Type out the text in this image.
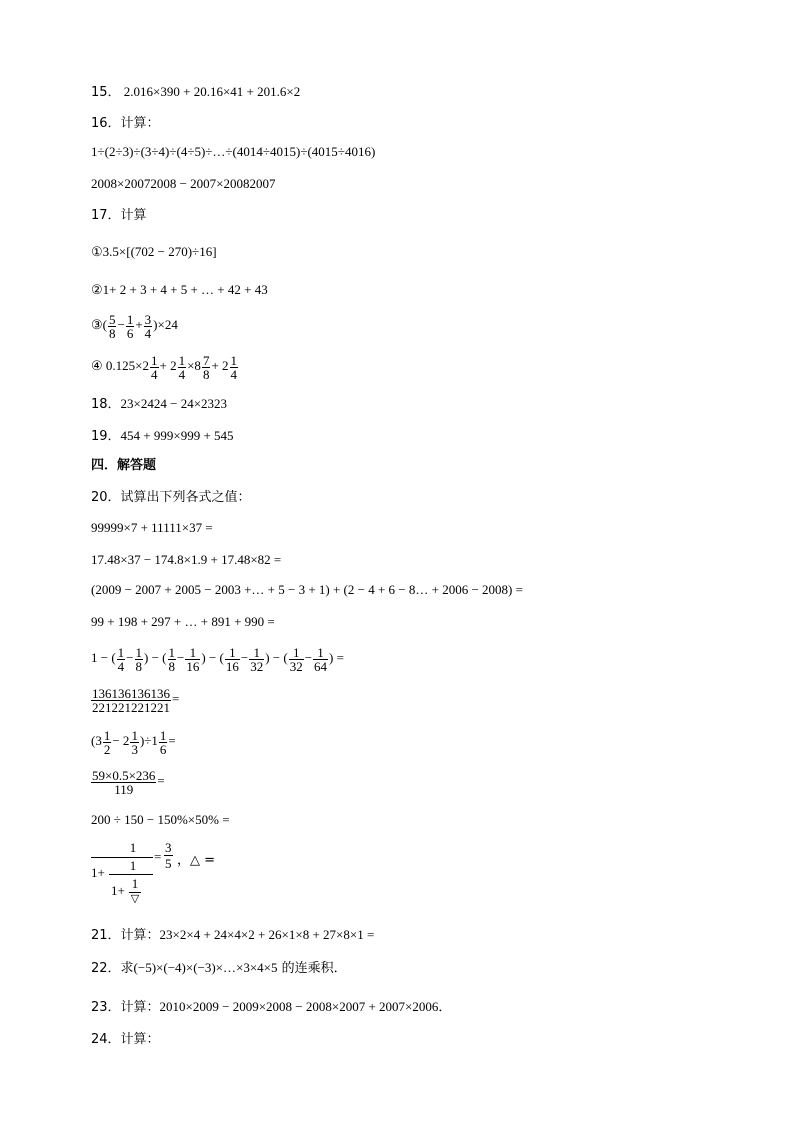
15． 2.016×390 + 20.16×41 + 201.6×2
16．计算：
1÷(2÷3)÷(3÷4)÷(4÷5)÷…÷(4014÷4015)÷(4015÷4016)
2008×20072008 − 2007×20082007
17．计算
①3.5×[(702 − 270)÷16]
②1+ 2 + 3 + 4 + 5 + … + 42 + 43
③( $\frac{5}{8} - \frac{1}{6} + \frac{3}{4} )\times 24$
④ $0.125\times 2 \frac{1}{4} + 2 \frac{1}{4} \times 8 \frac{7}{8} + 2 \frac{1}{4}$
18．23×2424 − 24×2323
19．454 + 999×999 + 545
四．解答题
20．试算出下列各式之值：
99999×7 + 11111×37 =
17.48×37 − 174.8×1.9 + 17.48×82 =
(2009 − 2007 + 2005 − 2003 +… + 5 − 3 + 1) + (2 − 4 + 6 − 8… + 2006 − 2008) =
99 + 198 + 297 + … + 891 + 990 =
1 − ( $\frac{1}{4} - \frac{1}{8}$ ) − ( $\frac{1}{8} - \frac{1}{16}$ ) − ( $\frac{1}{16} - \frac{1}{32}$ ) − ( $\frac{1}{32} - \frac{1}{64}$ ) =
$\frac{136136136136}{221221221221}$ =
$(3 \frac{1}{2} - 2 \frac{1}{3} )\div 1 \frac{1}{6}$ =
$\frac{59\times 0.5\times 236}{119}$ =
200 ÷ 150 − 150%×50% =
1
1+	1
1+ 1
▽
=
3
5 ，△ =
21．计算：23×2×4 + 24×4×2 + 26×1×8 + 27×8×1 =
22．求(−5)×(−4)×(−3)×…×3×4×5 的连乘积．
23．计算：2010×2009 − 2009×2008 − 2008×2007 + 2007×2006．
24．计算：
